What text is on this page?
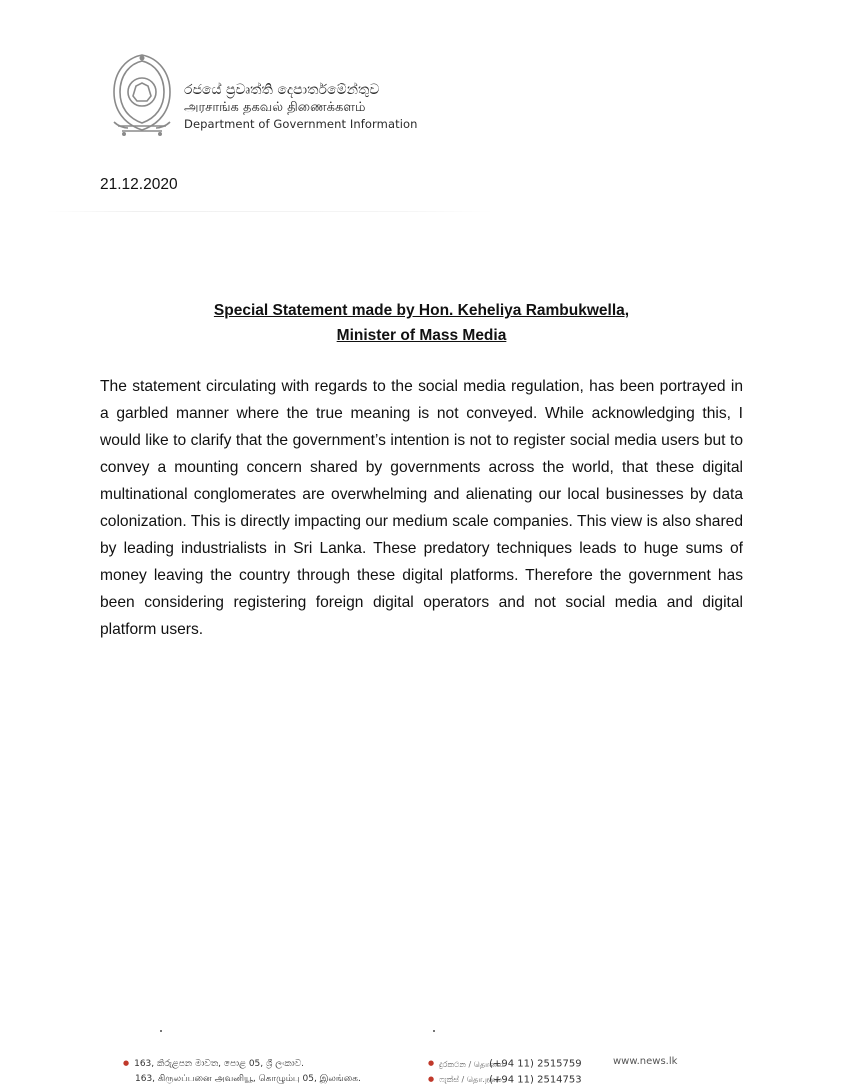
රජයේ ප්‍රවෘත්ති දෙපාර්තමේන්තුව
அரசாங்க தகவல் திணைக்களம்
Department of Government Information
21.12.2020
Special Statement made by Hon. Keheliya Rambukwella,
Minister of Mass Media

The statement circulating with regards to the social media regulation, has been portrayed in a garbled manner where the true meaning is not conveyed. While acknowledging this, I would like to clarify that the government’s intention is not to register social media users but to convey a mounting concern shared by governments across the world, that these digital multinational conglomerates are overwhelming and alienating our local businesses by data colonization. This is directly impacting our medium scale companies. This view is also shared by leading industrialists in Sri Lanka. These predatory techniques leads to huge sums of money leaving the country through these digital platforms. Therefore the government has been considering registering foreign digital operators and not social media and digital platform users.

● 163, කිරුළපන මාවත, පොළ 05, ශ්‍රී ලංකාව.
163, கிருலப்பனை அவனியூ, கொழும்பு 05, இலங்கை.
● දුරකථන / தொலை(+94 11) 2515759
● ෆැක්ස් / தொ.நகல்(+94 11) 2514753
www.news.lk
